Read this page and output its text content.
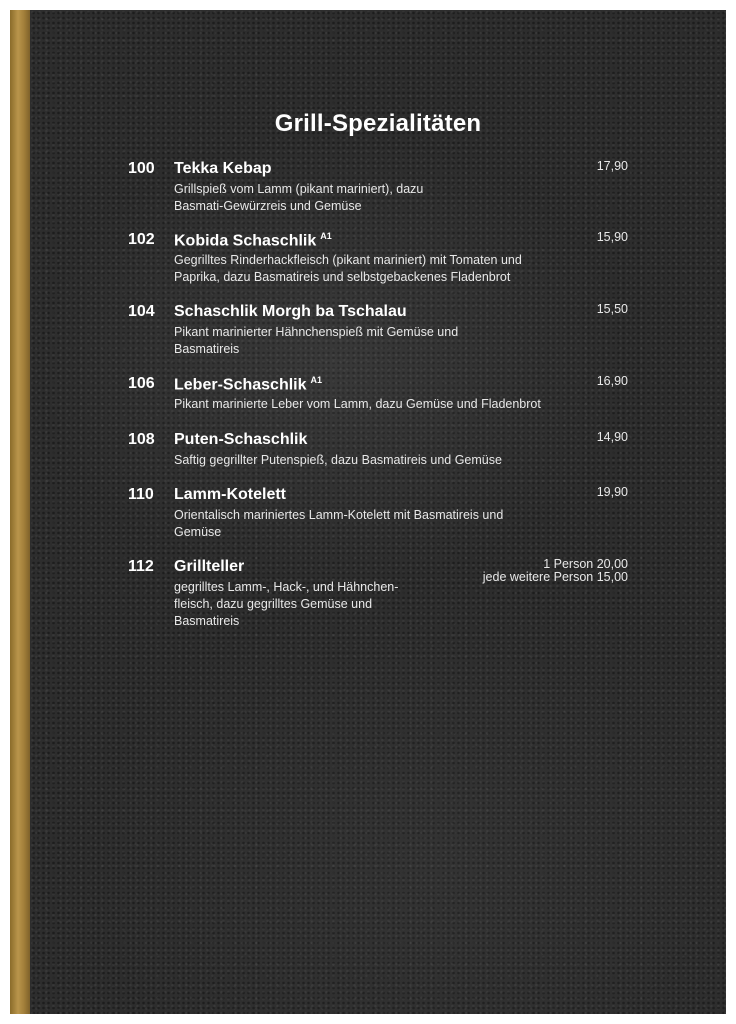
Grill-Spezialitäten
100 Tekka Kebap
Grillspieß vom Lamm (pikant mariniert), dazu
Basmati-Gewürzreis und Gemüse
17,90
102 Kobida Schaschlik $^{A1}$
Gegrilltes Rinderhackfleisch (pikant mariniert) mit Tomaten und
Paprika, dazu Basmatireis und selbstgebackenes Fladenbrot
15,90
104 Schaschlik Morgh ba Tschalau
Pikant marinierter Hähnchenspieß mit Gemüse und
Basmatireis
15,50
106 Leber-Schaschlik $^{A1}$
Pikant marinierte Leber vom Lamm, dazu Gemüse und Fladenbrot
16,90
108 Puten-Schaschlik
Saftig gegrillter Putenspieß, dazu Basmatireis und Gemüse
14,90
110 Lamm-Kotelett
Orientalisch mariniertes Lamm-Kotelett mit Basmatireis und
Gemüse
19,90
112 Grillteller
gegrilltes Lamm-, Hack-, und Hähnchen-
fleisch, dazu gegrilltes Gemüse und
Basmatireis
1 Person 20,00
jede weitere Person 15,00
